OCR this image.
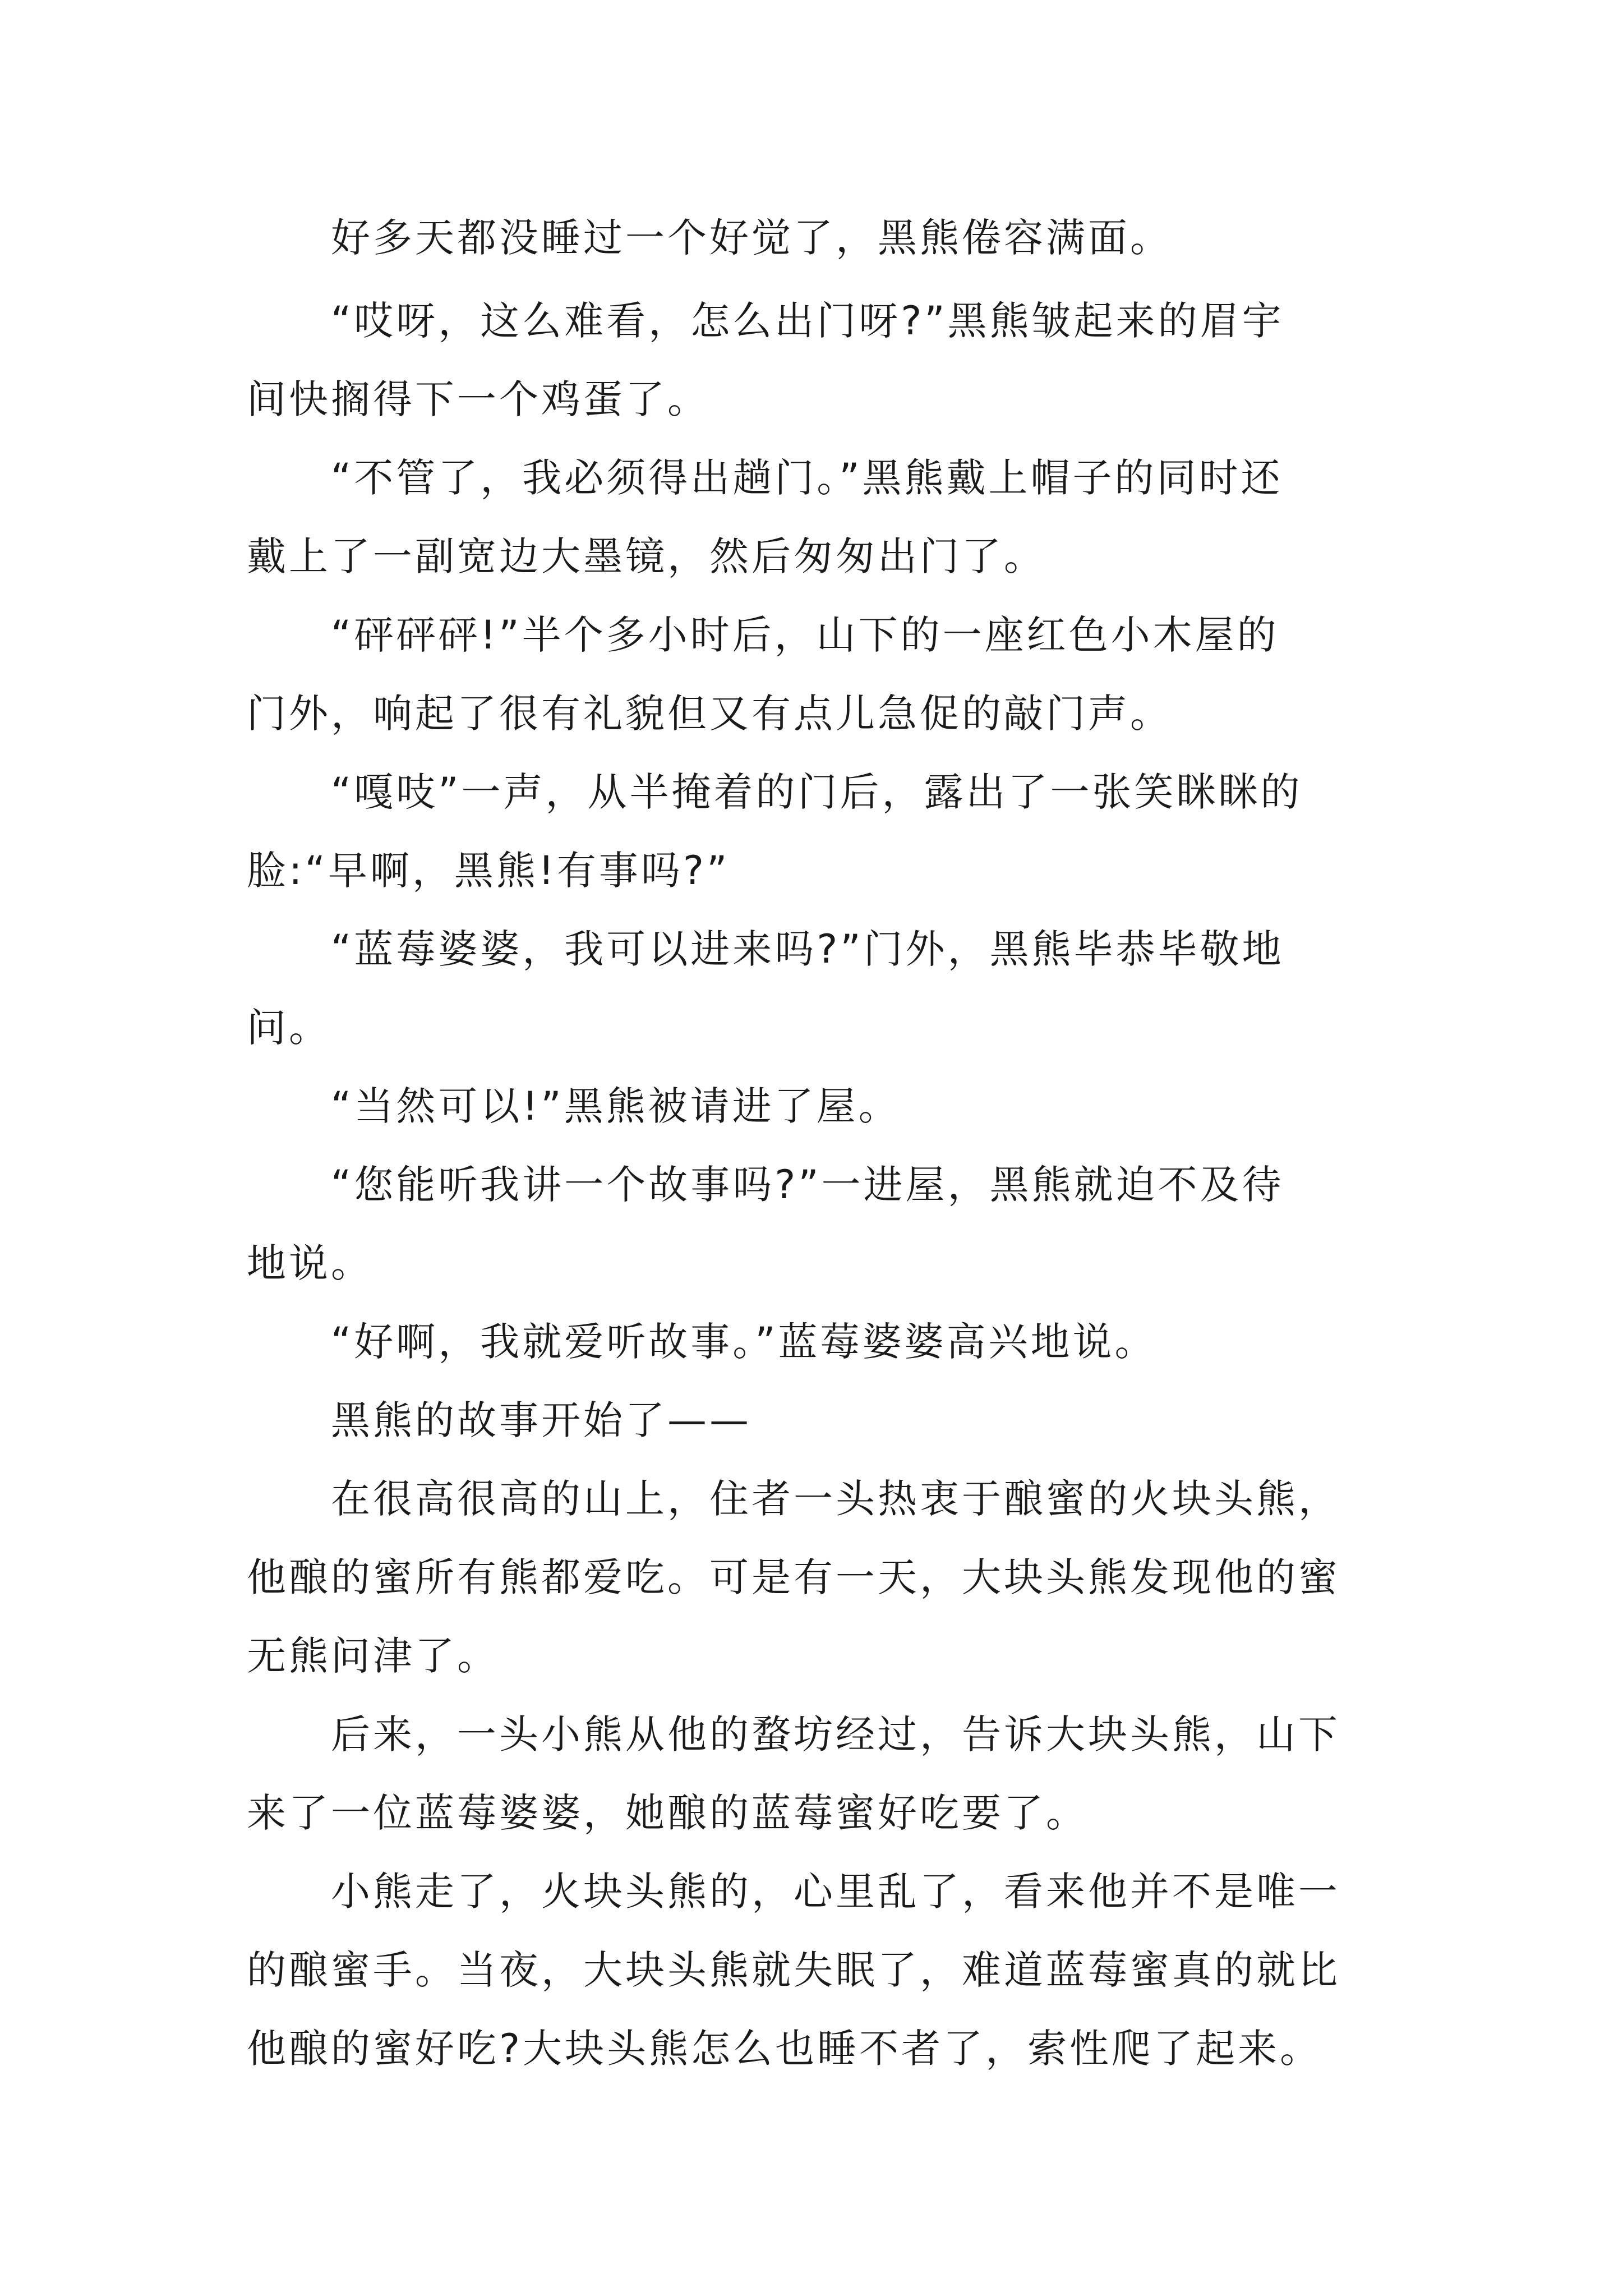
好多天都没睡过一个好觉了，黑熊倦容满面。
“哎呀，这么难看，怎么出门呀?”黑熊皱起来的眉宇
间快搁得下一个鸡蛋了。
“不管了，我必须得出趟门。”黑熊戴上帽子的同时还
戴上了一副宽边大墨镜，然后匆匆出门了。
“砰砰砰!”半个多小时后，山下的一座红色小木屋的
门外，响起了很有礼貌但又有点儿急促的敲门声。
“嘎吱”一声，从半掩着的门后，露出了一张笑眯眯的
脸:“早啊，黑熊!有事吗?”
“蓝莓婆婆，我可以进来吗?”门外，黑熊毕恭毕敬地
问。
“当然可以!”黑熊被请进了屋。
“您能听我讲一个故事吗?”一进屋，黑熊就迫不及待
地说。
“好啊，我就爱听故事。”蓝莓婆婆高兴地说。
黑熊的故事开始了——
在很高很高的山上，住者一头热衷于酿蜜的火块头熊，
他酿的蜜所有熊都爱吃。可是有一天，大块头熊发现他的蜜
无熊问津了。
后来，一头小熊从他的蝥坊经过，告诉大块头熊，山下
来了一位蓝莓婆婆，她酿的蓝莓蜜好吃要了。
小熊走了，火块头熊的，心里乱了，看来他并不是唯一
的酿蜜手。当夜，大块头熊就失眠了，难道蓝莓蜜真的就比
他酿的蜜好吃?大块头熊怎么也睡不者了，索性爬了起来。
